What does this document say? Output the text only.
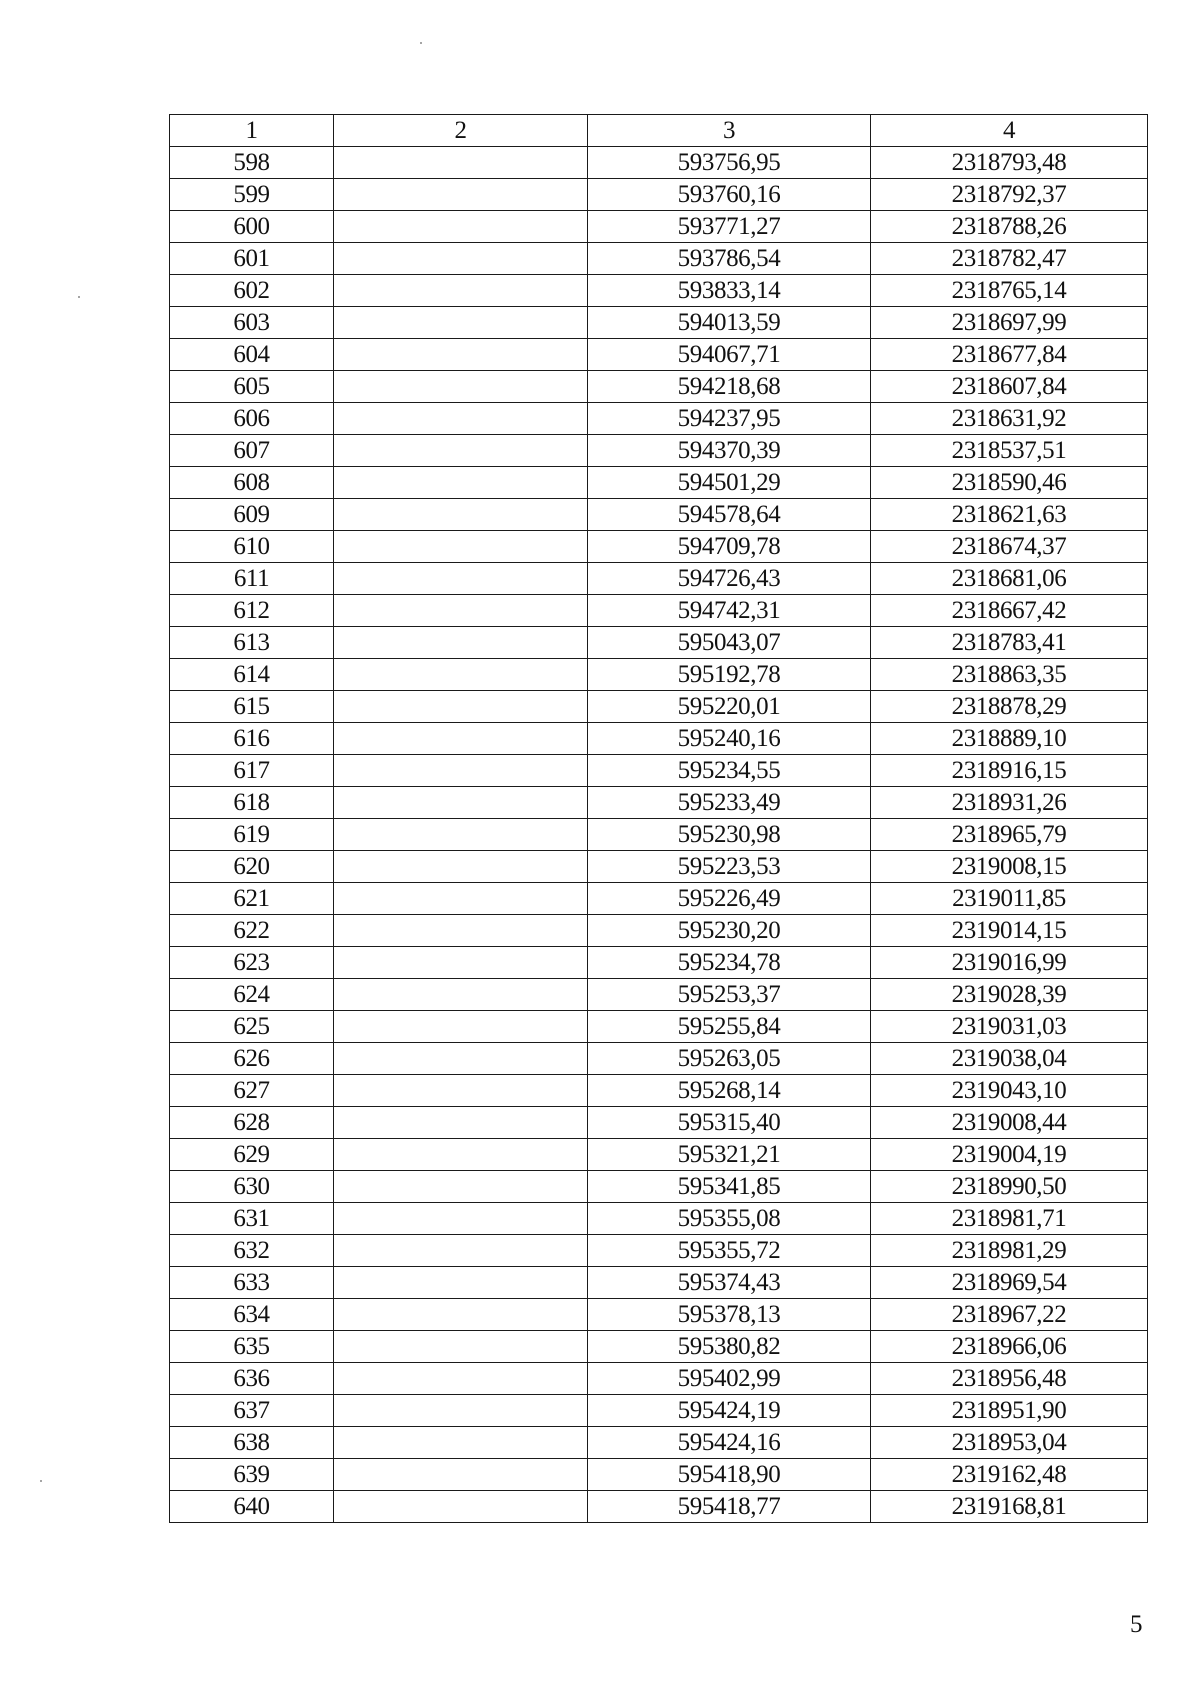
1	2	3	4
598		593756,95	2318793,48
599		593760,16	2318792,37
600		593771,27	2318788,26
601		593786,54	2318782,47
602		593833,14	2318765,14
603		594013,59	2318697,99
604		594067,71	2318677,84
605		594218,68	2318607,84
606		594237,95	2318631,92
607		594370,39	2318537,51
608		594501,29	2318590,46
609		594578,64	2318621,63
610		594709,78	2318674,37
611		594726,43	2318681,06
612		594742,31	2318667,42
613		595043,07	2318783,41
614		595192,78	2318863,35
615		595220,01	2318878,29
616		595240,16	2318889,10
617		595234,55	2318916,15
618		595233,49	2318931,26
619		595230,98	2318965,79
620		595223,53	2319008,15
621		595226,49	2319011,85
622		595230,20	2319014,15
623		595234,78	2319016,99
624		595253,37	2319028,39
625		595255,84	2319031,03
626		595263,05	2319038,04
627		595268,14	2319043,10
628		595315,40	2319008,44
629		595321,21	2319004,19
630		595341,85	2318990,50
631		595355,08	2318981,71
632		595355,72	2318981,29
633		595374,43	2318969,54
634		595378,13	2318967,22
635		595380,82	2318966,06
636		595402,99	2318956,48
637		595424,19	2318951,90
638		595424,16	2318953,04
639		595418,90	2319162,48
640		595418,77	2319168,81
5
